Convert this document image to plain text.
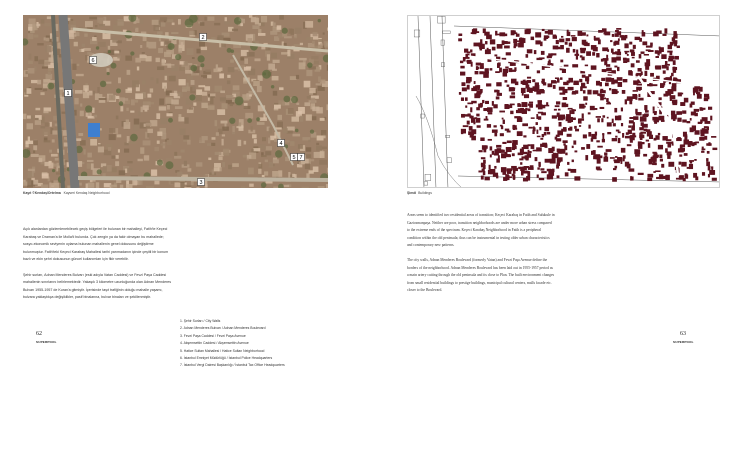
1
2
3
4
5
6
7
Kayıt ©Kendaş/Ortelma Kayseri Kendaş Neighborhood

Açık alanlardan gözlemlenebilecek geçiş bölgeleri ile bulunan bir mahalleyi, Fatih'te Keçeci Karabaş ve Draman'a ile Molla'ti bulunda. Çok zengin ya da fakir olmayan bu mahallede; sosyo-ekonomik seviyenin oylama bulunan mahallenin genel dokusunu değiştirme bulunmuştur. Fatih'teki Keçeci Karabaş Mahallesi tarihi yarımadanın içinde çeşitli bir konum bazlı ve ekin şehri dokusunun güncel kullanımları için fikir verebilir.

Şehir surları, Adnan Menderes Bulvarı (eski adıyla Vatan Caddesi) ve Fevzi Paşa Caddesi mahallenin sınırlarını belirlemektedir. Yakaşık 3 kilometre uzunluğunda olan Adnan Menderes Bulvarı 1955-1957 de Kuran'a gitmiştir. İçerisinde taşıt trafiğinin olduğu mahalle yaşamı, bulvara yaklaştıkça değişiklikler, pasif binalarına, bulvar binaları ve şekillenmiştir.

1. Şehir Surları / City Walls
2. Adnan Menderes Bulvarı / Adnan Menderes Boulevard
3. Fevzi Paşa Caddesi / Fevzi Paşa Avenue
4. Akşemsettin Caddesi / Akşemsettin Avenue
5. Hatice Sultan Mahallesi / Hatice Sultan Neighborhood
6. İstanbul Emniyet Müdürlüğü / İstanbul Police Headquarters
7. İstanbul Vergi Dairesi Başkanlığı / İstanbul Tax Office Headquarters
62
SUPERPOOL
Şimdi Buildings

Areas seem to identified two residential areas of transition; Keçeci Karabaş in Fatih and Sulukule in Gaziosmanpaşa. Neither are poor, transition neighborhoods are under more urban stress compared to the extreme ends of the spectrum. Keçeci Karabaş Neighborhood in Fatih is a peripheral condition within the old peninsula; thus can be instrumental in testing older urban characteristics and contemporary new patterns.

The city walls, Adnan Menderes Boulevard (formerly Vatan) and Fevzi Paşa Avenue define the borders of the neighborhood. Adnan Menderes Boulevard has been laid out in 1955-1957 period as a main artery cutting through the old peninsula and its close to Plan. The built environment changes from small residential buildings to prestige buildings, municipal cultural centers, malls facade etc. closer to the Boulevard.

63
SUPERPOOL
